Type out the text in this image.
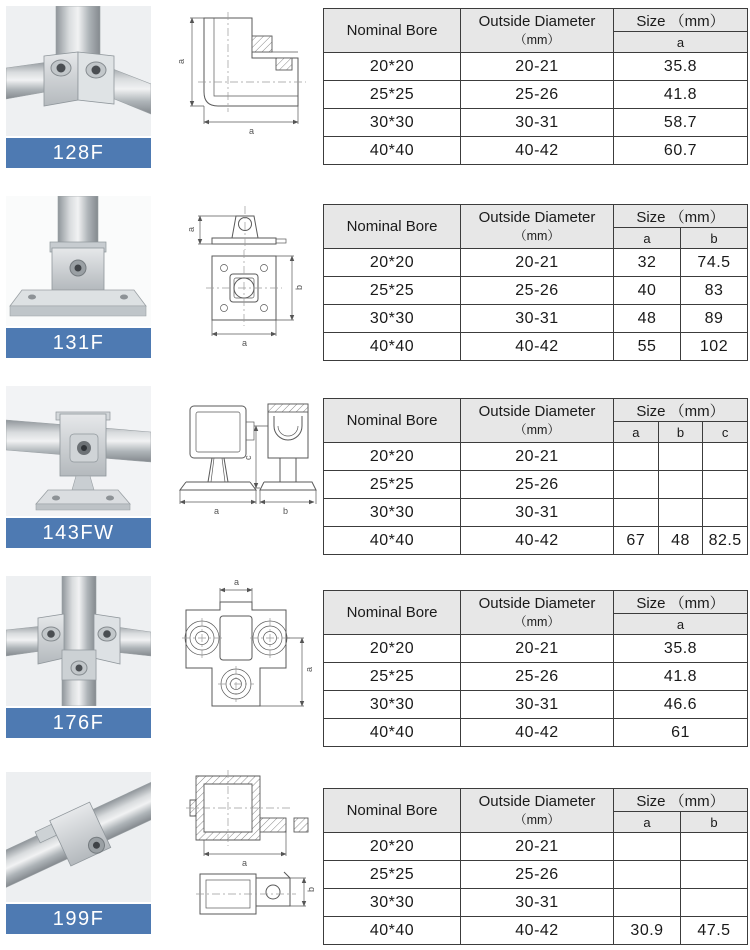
128F
a
a
Nominal Bore	Outside Diameter
（mm）	Size （mm）
		a
20*20	20-21	35.8
25*25	25-26	41.8
30*30	30-31	58.7
40*40	40-42	60.7
131F
a
b
a
Nominal Bore	Outside Diameter
（mm）	Size （mm）	
		a	b
20*20	20-21	32	74.5
25*25	25-26	40	83
30*30	30-31	48	89
40*40	40-42	55	102
143FW
a	b
c
Nominal Bore	Outside Diameter
（mm）	Size （mm）		
		a	b	c
20*20	20-21			
25*25	25-26			
30*30	30-31			
40*40	40-42	67	48	82.5
176F
a
a
Nominal Bore	Outside Diameter
（mm）	Size （mm）
		a
20*20	20-21	35.8
25*25	25-26	41.8
30*30	30-31	46.6
40*40	40-42	61
199F
a
b
Nominal Bore	Outside Diameter
（mm）	Size （mm）	
		a	b
20*20	20-21		
25*25	25-26		
30*30	30-31		
40*40	40-42	30.9	47.5
